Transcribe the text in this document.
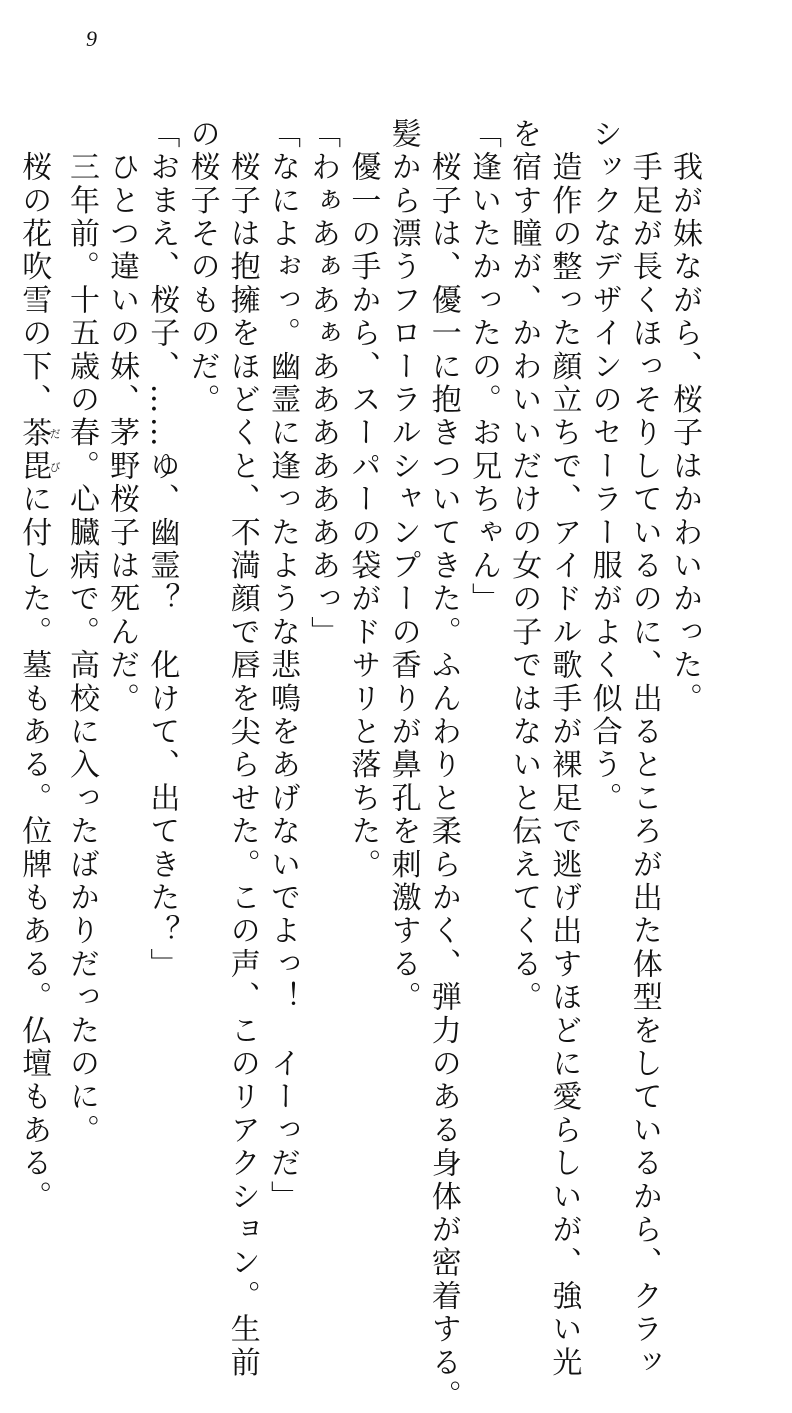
9
　我が妹ながら、桜子はかわいかった。
　手足が長くほっそりしているのに、出るところが出た体型をしているから、クラッ
シックなデザインのセーラー服がよく似合う。
　造作の整った顔立ちで、アイドル歌手が裸足で逃げ出すほどに愛らしいが、強い光
を宿す瞳が、かわいいだけの女の子ではないと伝えてくる。
「逢いたかったの。お兄ちゃん」
　桜子は、優一に抱きついてきた。ふんわりと柔らかく、弾力のある身体が密着する。
髪から漂うフローラルシャンプーの香りが鼻孔を刺激する。
　優一の手から、スーパーの袋がドサリと落ちた。
「わぁあぁあぁあああああああっ」
「なによぉっ。幽霊に逢ったような悲鳴をあげないでよっ！　イーっだ」
　桜子は抱擁をほどくと、不満顔で唇を尖らせた。この声、このリアクション。生前
の桜子そのものだ。
「おまえ、桜子、……ゆ、幽霊？　化けて、出てきた？」
　ひとつ違いの妹、茅野桜子は死んだ。
　三年前。十五歳の春。心臓病で。高校に入ったばかりだったのに。
　桜の花吹雪の下、茶だ毘びに付した。墓もある。位牌もある。仏壇もある。
